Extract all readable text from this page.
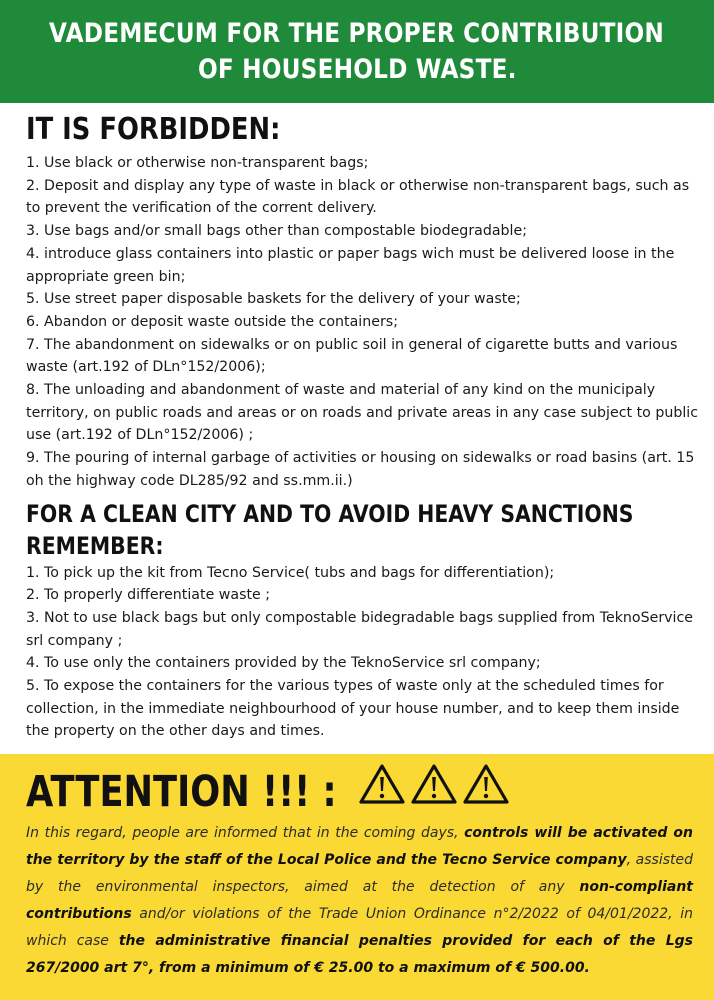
VADEMECUM FOR THE PROPER CONTRIBUTION
OF HOUSEHOLD WASTE.
IT IS FORBIDDEN:
1. Use black or otherwise non-transparent bags;
2. Deposit and display any type of waste in black or otherwise non-transparent bags, such as to prevent the verification of the corrent delivery.
3. Use bags and/or small bags other than compostable biodegradable;
4. introduce glass containers into plastic or paper bags wich must be delivered loose in the appropriate green bin;
5. Use street paper disposable baskets for the delivery of your waste;
6. Abandon or deposit waste outside the containers;
7. The abandonment on sidewalks or on public soil in general of cigarette butts and various waste (art.192 of DLn°152/2006);
8. The unloading and abandonment of waste and material of any kind on the municipaly territory, on public roads and areas or on roads and private areas in any case subject to public use (art.192 of DLn°152/2006) ;
9. The pouring of internal garbage of activities or housing on sidewalks or road basins (art. 15 oh the highway code DL285/92 and ss.mm.ii.)
FOR A CLEAN CITY AND TO AVOID HEAVY SANCTIONS
REMEMBER:
1. To pick up the kit from Tecno Service( tubs and bags for differentiation);
2. To properly differentiate waste ;
3. Not to use black bags but only compostable bidegradable bags supplied from TeknoService srl company ;
4. To use only the containers provided by the TeknoService srl company;
5. To expose the containers for the various types of waste only at the scheduled times for collection, in the immediate neighbourhood of your house number, and to keep them inside the property on the other days and times.
ATTENTION !!! :
In this regard, people are informed that in the coming days, controls will be activated on the territory by the staff of the Local Police and the Tecno Service company, assisted by the environmental inspectors, aimed at the detection of any non-compliant contributions and/or violations of the Trade Union Ordinance n°2/2022 of 04/01/2022, in which case the administrative financial penalties provided for each of the Lgs 267/2000 art 7°, from a minimum of € 25.00 to a maximum of € 500.00.
